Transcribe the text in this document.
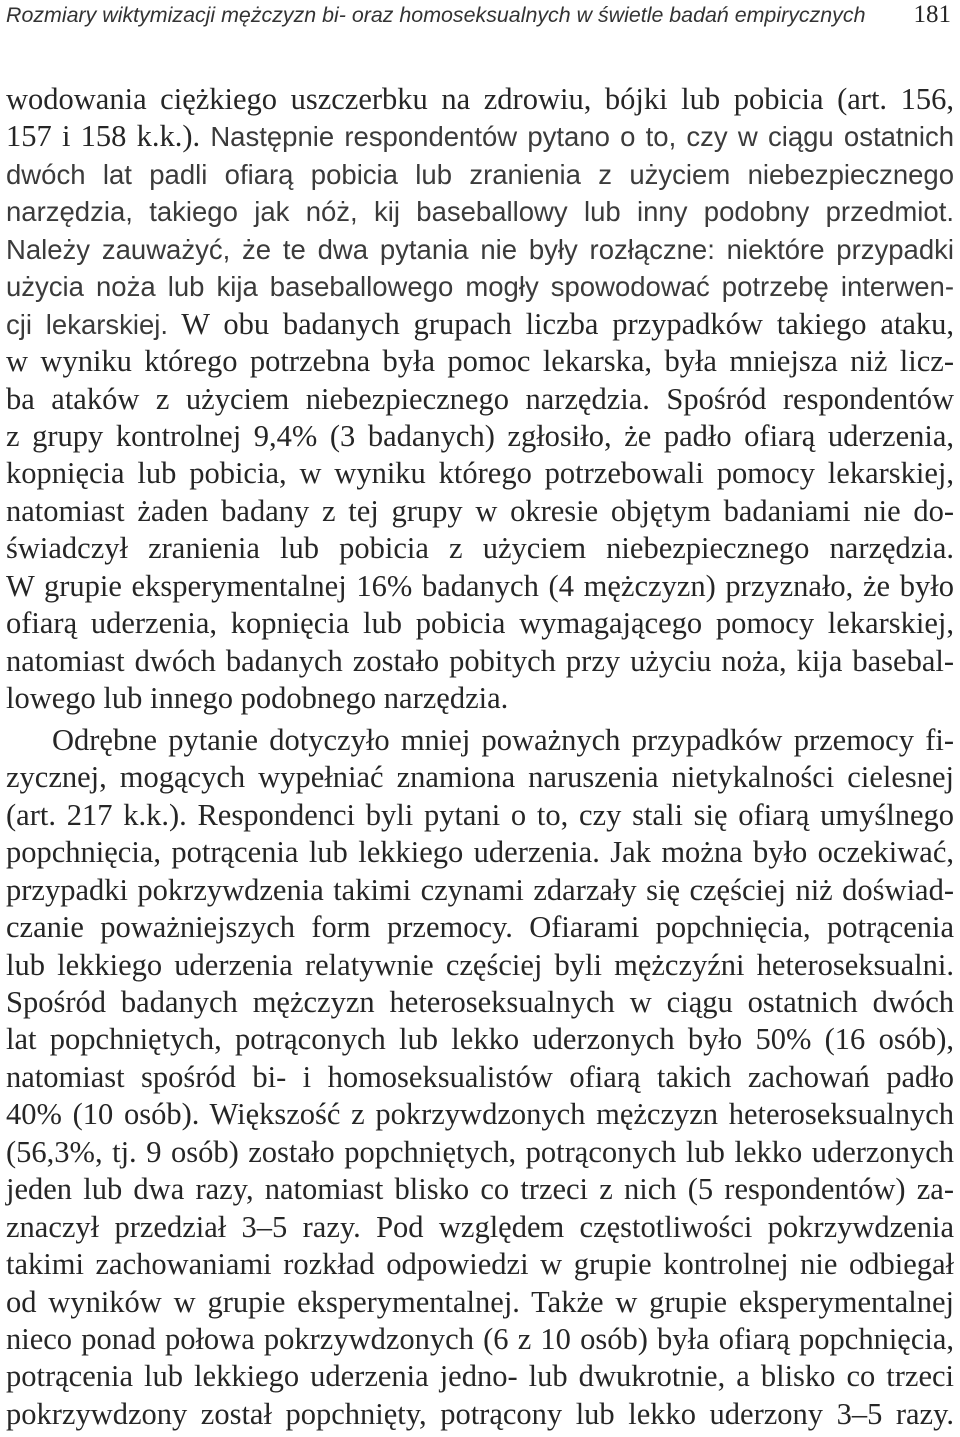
Rozmiary wiktymizacji mężczyzn bi- oraz homoseksualnych w świetle badań empirycznych 181
wodowania ciężkiego uszczerbku na zdrowiu, bójki lub pobicia (art. 156,
157 i 158 k.k.). Następnie respondentów pytano o to, czy w ciągu ostatnich
dwóch lat padli ofiarą pobicia lub zranienia z użyciem niebezpiecznego
narzędzia, takiego jak nóż, kij baseballowy lub inny podobny przedmiot.
Należy zauważyć, że te dwa pytania nie były rozłączne: niektóre przypadki
użycia noża lub kija baseballowego mogły spowodować potrzebę interwen-
cji lekarskiej. W obu badanych grupach liczba przypadków takiego ataku,
w wyniku którego potrzebna była pomoc lekarska, była mniejsza niż licz-
ba ataków z użyciem niebezpiecznego narzędzia. Spośród respondentów
z grupy kontrolnej 9,4% (3 badanych) zgłosiło, że padło ofiarą uderzenia,
kopnięcia lub pobicia, w wyniku którego potrzebowali pomocy lekarskiej,
natomiast żaden badany z tej grupy w okresie objętym badaniami nie do-
świadczył zranienia lub pobicia z użyciem niebezpiecznego narzędzia.
W grupie eksperymentalnej 16% badanych (4 mężczyzn) przyznało, że było
ofiarą uderzenia, kopnięcia lub pobicia wymagającego pomocy lekarskiej,
natomiast dwóch badanych zostało pobitych przy użyciu noża, kija basebal-
lowego lub innego podobnego narzędzia.
Odrębne pytanie dotyczyło mniej poważnych przypadków przemocy fi-
zycznej, mogących wypełniać znamiona naruszenia nietykalności cielesnej
(art. 217 k.k.). Respondenci byli pytani o to, czy stali się ofiarą umyślnego
popchnięcia, potrącenia lub lekkiego uderzenia. Jak można było oczekiwać,
przypadki pokrzywdzenia takimi czynami zdarzały się częściej niż doświad-
czanie poważniejszych form przemocy. Ofiarami popchnięcia, potrącenia
lub lekkiego uderzenia relatywnie częściej byli mężczyźni heteroseksualni.
Spośród badanych mężczyzn heteroseksualnych w ciągu ostatnich dwóch
lat popchniętych, potrąconych lub lekko uderzonych było 50% (16 osób),
natomiast spośród bi- i homoseksualistów ofiarą takich zachowań padło
40% (10 osób). Większość z pokrzywdzonych mężczyzn heteroseksualnych
(56,3%, tj. 9 osób) zostało popchniętych, potrąconych lub lekko uderzonych
jeden lub dwa razy, natomiast blisko co trzeci z nich (5 respondentów) za-
znaczył przedział 3–5 razy. Pod względem częstotliwości pokrzywdzenia
takimi zachowaniami rozkład odpowiedzi w grupie kontrolnej nie odbiegał
od wyników w grupie eksperymentalnej. Także w grupie eksperymentalnej
nieco ponad połowa pokrzywdzonych (6 z 10 osób) była ofiarą popchnięcia,
potrącenia lub lekkiego uderzenia jedno- lub dwukrotnie, a blisko co trzeci
pokrzywdzony został popchnięty, potrącony lub lekko uderzony 3–5 razy.
